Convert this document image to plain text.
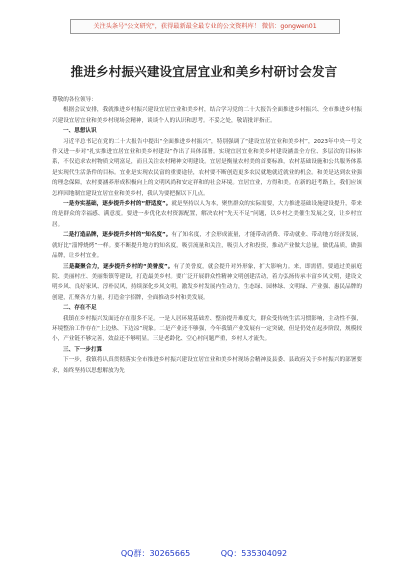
关注头条号"公文研究"，获得最新最全最专业的公文资料库！ 微信：gongwen01
推进乡村振兴建设宜居宜业和美乡村研讨会发言

尊敬的各位领导：

根据会议安排，我就推进乡村振兴建设宜居宜业和美乡村，结合学习党的二十大报告全面推进乡村振兴、全市推进乡村振兴建设宜居宜业和美乡村现场会精神，谈谈个人的认识和思考。不妥之处，敬请批评指正。

一、思想认识

习近平总书记在党的二十大报告中提出“全面推进乡村振兴”，特别强调了“建设宜居宜业和美乡村”，2023年中央一号文件又进一步对“扎实推进宜居宜业和美乡村建设”作出了具体部署。实现宜居宜业和美乡村建设涵盖全方位、多层次的目标体系，不仅追求农村物质文明富足，而且关注农村精神文明建设。宜居是衡量农村美的首要标准，农村基础设施和公共服务体系是实现代生活条件的目标。宜业是实现农民富的重要途径，农村要不断创造更多农民就地就近就业的机会。和美是达到农业强的理念保障，农村要涵养形成积极向上的文明风尚和安定祥和的社会环境。宜居宜业，方得和美。在新的赶考路上，我们应该怎样因地制宜建设宜居宜业和美乡村，我认为要把握以下几点。

一是夯实基础，逐步提升乡村的“舒适度”。就是坚持以人为本，聚焦群众的实际需要，大力推进基础设施建设提升，带来的是群众的幸福感、满意度。要进一步优化农村资源配置，解决农村“先天不足”问题，以乡村之美催生发展之变，让乡村宜居。

二是打造品牌，逐步提升乡村的“知名度”。有了知名度，才会形成流量，才能带动消费、带动就业、带动地方经济发展，就好比“淄博烧烤”一样。要不断提升地方的知名度，吸引流量和关注，吸引人才和投资，推动产业做大总量，做优品质，做强品牌，让乡村宜业。

三是凝聚合力，逐步提升乡村的“美誉度”。有了美誉度，就会提升对外形象，扩大影响力。来，即需借，要通过美丽庭院、美丽村庄、美丽集镇等建设，打造最美乡村。要广泛开展群众性精神文明创建活动，着力弘扬传承丰富乡风文明，建设文明乡风、良好家风、淳朴民风，持续深化乡风文明，激发乡村发展内生动力，生态绿、园林绿、文明绿、产业强、惠民品牌的创建，汇聚各方力量，打造金字招牌，全面推动乡村和美发展。

二、存在不足

我镇在乡村振兴发面还存在很多不足。一是人居环境基础差、整治提升难度大，群众受传统生活习惯影响，主动性不强，环境整治工作存在“上边热、下边凉”现象。二是产业还不够强，今年我镇产业发展有一定突破，但是仍处在起步阶段，规模较小，产业链不够完善，效益还不够明显。三是老龄化、空心村问题严重，乡村人才流失。

三、下一步打算

下一步，我镇将认真贯彻落实全市推进乡村振兴建设宜居宜业和美乡村现场会精神及县委、县政府关于乡村振兴的部署要求，始终坚持以思想解放为先

QQ群：30265665	QQ：535304092
